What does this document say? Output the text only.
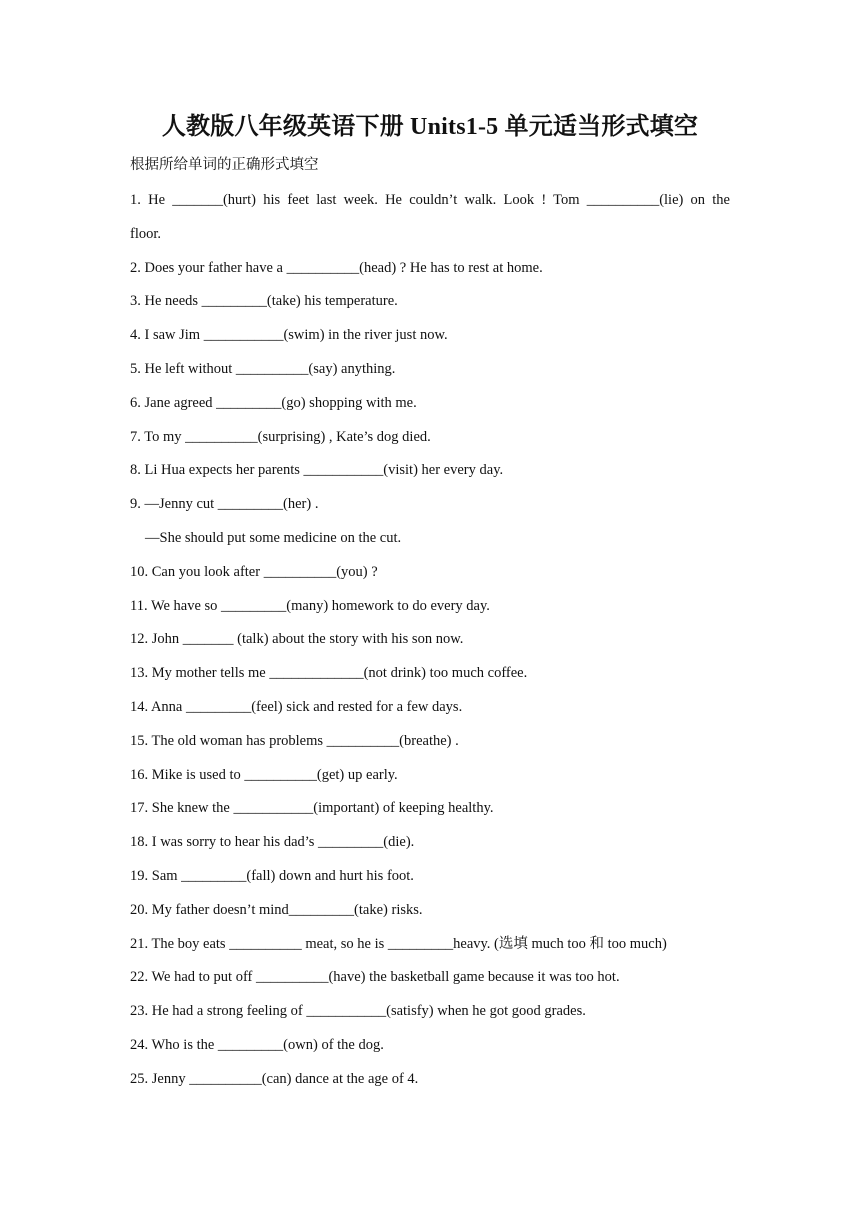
人教版八年级英语下册 Units1-5 单元适当形式填空
根据所给单词的正确形式填空
1. He _______(hurt) his feet last week. He couldn’t walk. Look ! Tom __________(lie) on the
floor.
2. Does your father have a __________(head) ? He has to rest at home.
3. He needs _________(take) his temperature.
4. I saw Jim ___________(swim) in the river just now.
5. He left without __________(say) anything.
6. Jane agreed _________(go) shopping with me.
7. To my __________(surprising) , Kate’s dog died.
8. Li Hua expects her parents ___________(visit) her every day.
9. —Jenny cut _________(her) .
—She should put some medicine on the cut.
10. Can you look after __________(you) ?
11. We have so _________(many) homework to do every day.
12. John _______ (talk) about the story with his son now.
13. My mother tells me _____________(not drink) too much coffee.
14. Anna _________(feel) sick and rested for a few days.
15. The old woman has problems __________(breathe) .
16. Mike is used to __________(get) up early.
17. She knew the ___________(important) of keeping healthy.
18. I was sorry to hear his dad’s _________(die).
19. Sam _________(fall) down and hurt his foot.
20. My father doesn’t mind_________(take) risks.
21. The boy eats __________ meat, so he is _________heavy. (选填 much too 和 too much)
22. We had to put off __________(have) the basketball game because it was too hot.
23. He had a strong feeling of ___________(satisfy) when he got good grades.
24. Who is the _________(own) of the dog.
25. Jenny __________(can) dance at the age of 4.
